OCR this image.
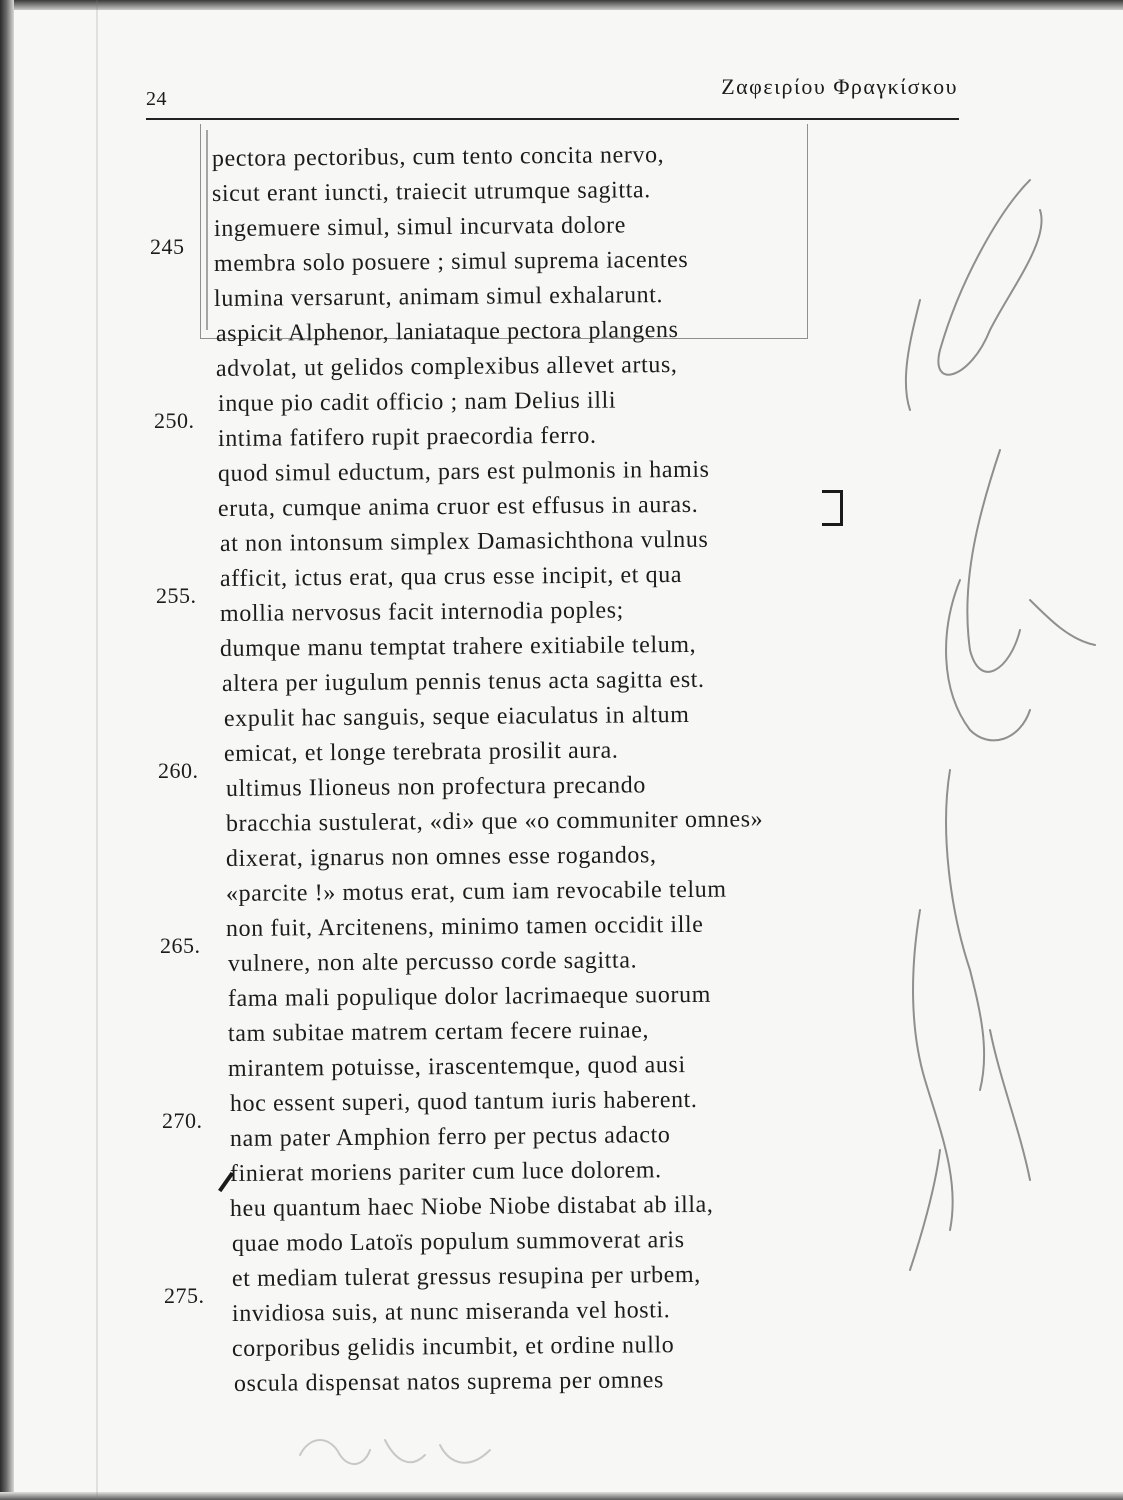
24	Ζαφειρίου Φραγκίσκου
pectora pectoribus, cum tento concita nervo,
sicut erant iuncti, traiecit utrumque sagitta.
ingemuere simul, simul incurvata dolore
membra solo posuere ; simul suprema iacentes
lumina versarunt, animam simul exhalarunt.
aspicit Alphenor, laniataque pectora plangens
advolat, ut gelidos complexibus allevet artus,
inque pio cadit officio ; nam Delius illi
intima fatifero rupit praecordia ferro.
quod simul eductum, pars est pulmonis in hamis
eruta, cumque anima cruor est effusus in auras.
at non intonsum simplex Damasichthona vulnus
afficit, ictus erat, qua crus esse incipit, et qua
mollia nervosus facit internodia poples;
dumque manu temptat trahere exitiabile telum,
altera per iugulum pennis tenus acta sagitta est.
expulit hac sanguis, seque eiaculatus in altum
emicat, et longe terebrata prosilit aura.
ultimus Ilioneus non profectura precando
bracchia sustulerat, «di» que «o communiter omnes»
dixerat, ignarus non omnes esse rogandos,
«parcite !» motus erat, cum iam revocabile telum
non fuit, Arcitenens, minimo tamen occidit ille
vulnere, non alte percusso corde sagitta.
fama mali populique dolor lacrimaeque suorum
tam subitae matrem certam fecere ruinae,
mirantem potuisse, irascentemque, quod ausi
hoc essent superi, quod tantum iuris haberent.
nam pater Amphion ferro per pectus adacto
finierat moriens pariter cum luce dolorem.
heu quantum haec Niobe Niobe distabat ab illa,
quae modo Latoïs populum summoverat aris
et mediam tulerat gressus resupina per urbem,
invidiosa suis, at nunc miseranda vel hosti.
corporibus gelidis incumbit, et ordine nullo
oscula dispensat natos suprema per omnes
245
250.
255.
260.
265.
270.
275.
